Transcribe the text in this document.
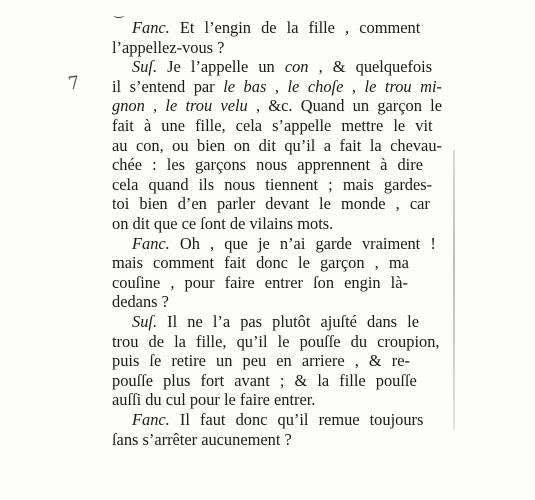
‿
7
Fanc. Et l’engin de la fille , comment
l’appellez-vous ?
Suſ. Je l’appelle un con , & quelquefois
il s’entend par le bas , le choſe , le trou mi-
gnon , le trou velu , &c. Quand un garçon le
fait à une fille, cela s’appelle mettre le vit
au con, ou bien on dit qu’il a fait la chevau-
chée : les garçons nous apprennent à dire
cela quand ils nous tiennent ; mais gardes-
toi bien d’en parler devant le monde , car
on dit que ce ſont de vilains mots.
Fanc. Oh , que je n’ai garde vraiment !
mais comment fait donc le garçon , ma
couſine , pour faire entrer ſon engin là-
dedans ?
Suſ. Il ne l’a pas plutôt ajuſté dans le
trou de la fille, qu’il le pouſſe du croupion,
puis ſe retire un peu en arriere , & re-
pouſſe plus fort avant ; & la fille pouſſe
auſſi du cul pour le faire entrer.
Fanc. Il faut donc qu’il remue toujours
ſans s’arrêter aucunement ?
